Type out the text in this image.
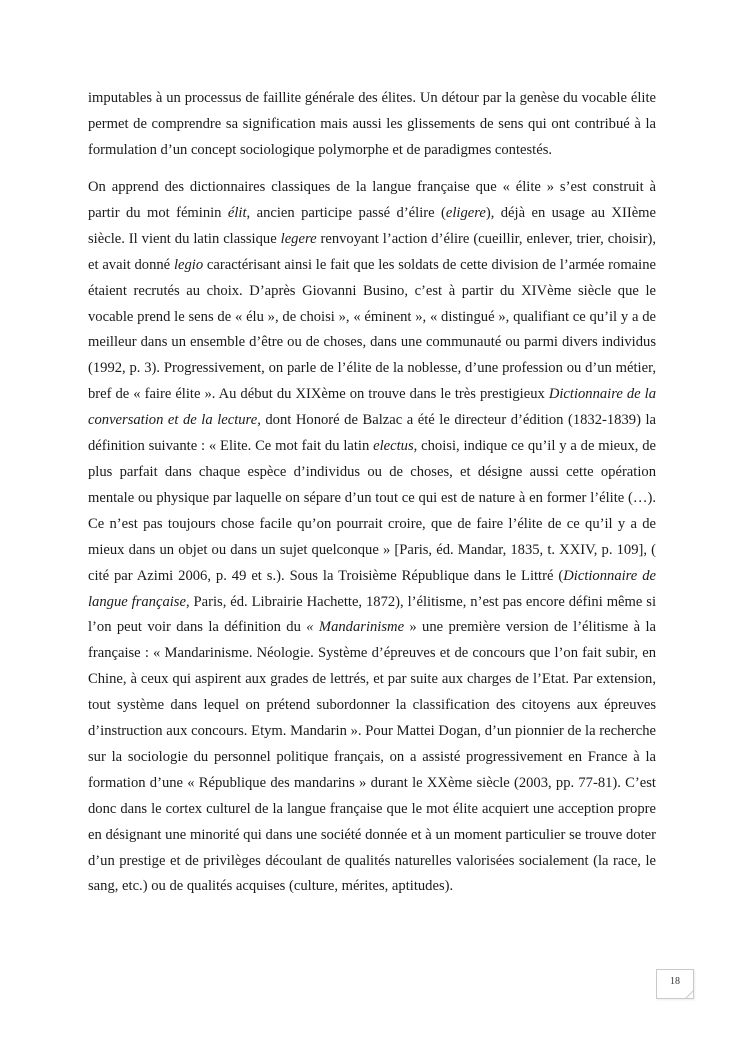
imputables à un processus de faillite générale des élites. Un détour par la genèse du vocable élite permet de comprendre sa signification mais aussi les glissements de sens qui ont contribué à la formulation d’un concept sociologique polymorphe et de paradigmes contestés.

On apprend des dictionnaires classiques de la langue française que « élite » s’est construit à partir du mot féminin élit, ancien participe passé d’élire (eligere), déjà en usage au XIIème siècle. Il vient du latin classique legere renvoyant l’action d’élire (cueillir, enlever, trier, choisir), et avait donné legio caractérisant ainsi le fait que les soldats de cette division de l’armée romaine étaient recrutés au choix. D’après Giovanni Busino, c’est à partir du XIVème siècle que le vocable prend le sens de « élu », de choisi », « éminent », « distingué », qualifiant ce qu’il y a de meilleur dans un ensemble d’être ou de choses, dans une communauté ou parmi divers individus (1992, p. 3). Progressivement, on parle de l’élite de la noblesse, d’une profession ou d’un métier, bref de « faire élite ». Au début du XIXème on trouve dans le très prestigieux Dictionnaire de la conversation et de la lecture, dont Honoré de Balzac a été le directeur d’édition (1832-1839) la définition suivante : « Elite. Ce mot fait du latin electus, choisi, indique ce qu’il y a de mieux, de plus parfait dans chaque espèce d’individus ou de choses, et désigne aussi cette opération mentale ou physique par laquelle on sépare d’un tout ce qui est de nature à en former l’élite (…). Ce n’est pas toujours chose facile qu’on pourrait croire, que de faire l’élite de ce qu’il y a de mieux dans un objet ou dans un sujet quelconque » [Paris, éd. Mandar, 1835, t. XXIV, p. 109], ( cité par Azimi 2006, p. 49 et s.). Sous la Troisième République dans le Littré (Dictionnaire de langue française, Paris, éd. Librairie Hachette, 1872), l’élitisme, n’est pas encore défini même si l’on peut voir dans la définition du « Mandarinisme » une première version de l’élitisme à la française : « Mandarinisme. Néologie. Système d’épreuves et de concours que l’on fait subir, en Chine, à ceux qui aspirent aux grades de lettrés, et par suite aux charges de l’Etat. Par extension, tout système dans lequel on prétend subordonner la classification des citoyens aux épreuves d’instruction aux concours. Etym. Mandarin ». Pour Mattei Dogan, d’un pionnier de la recherche sur la sociologie du personnel politique français, on a assisté progressivement en France à la formation d’une « République des mandarins » durant le XXème siècle (2003, pp. 77-81). C’est donc dans le cortex culturel de la langue française que le mot élite acquiert une acception propre en désignant une minorité qui dans une société donnée et à un moment particulier se trouve doter d’un prestige et de privilèges découlant de qualités naturelles valorisées socialement (la race, le sang, etc.) ou de qualités acquises (culture, mérites, aptitudes).

18
